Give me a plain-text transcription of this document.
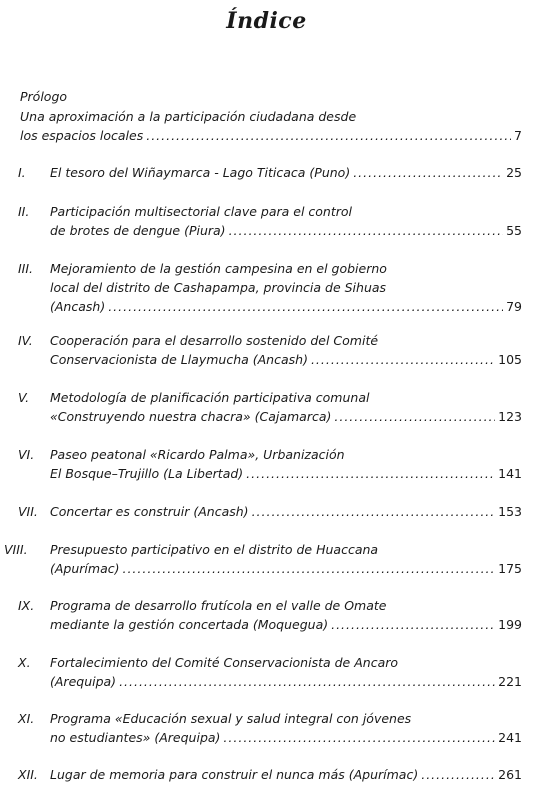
Índice
Prólogo
Una aproximación a la participación ciudadana desde
los espacios locales .....	7
I. El tesoro del Wiñaymarca - Lago Titicaca (Puno) .....	25
II. Participación multisectorial clave para el control
de brotes de dengue (Piura) .....	55
III. Mejoramiento de la gestión campesina en el gobierno
local del distrito de Cashapampa, provincia de Sihuas
(Ancash) .....	79
IV. Cooperación para el desarrollo sostenido del Comité
Conservacionista de Llaymucha (Ancash) .....	105
V. Metodología de planificación participativa comunal
«Construyendo nuestra chacra» (Cajamarca) .....	123
VI. Paseo peatonal «Ricardo Palma», Urbanización
El Bosque–Trujillo (La Libertad) .....	141
VII. Concertar es construir (Ancash) .....	153
VIII. Presupuesto participativo en el distrito de Huaccana
(Apurímac) .....	175
IX. Programa de desarrollo frutícola en el valle de Omate
mediante la gestión concertada (Moquegua) .....	199
X. Fortalecimiento del Comité Conservacionista de Ancaro
(Arequipa) .....	221
XI. Programa «Educación sexual y salud integral con jóvenes
no estudiantes» (Arequipa) .....	241
XII. Lugar de memoria para construir el nunca más (Apurímac) .....	261
